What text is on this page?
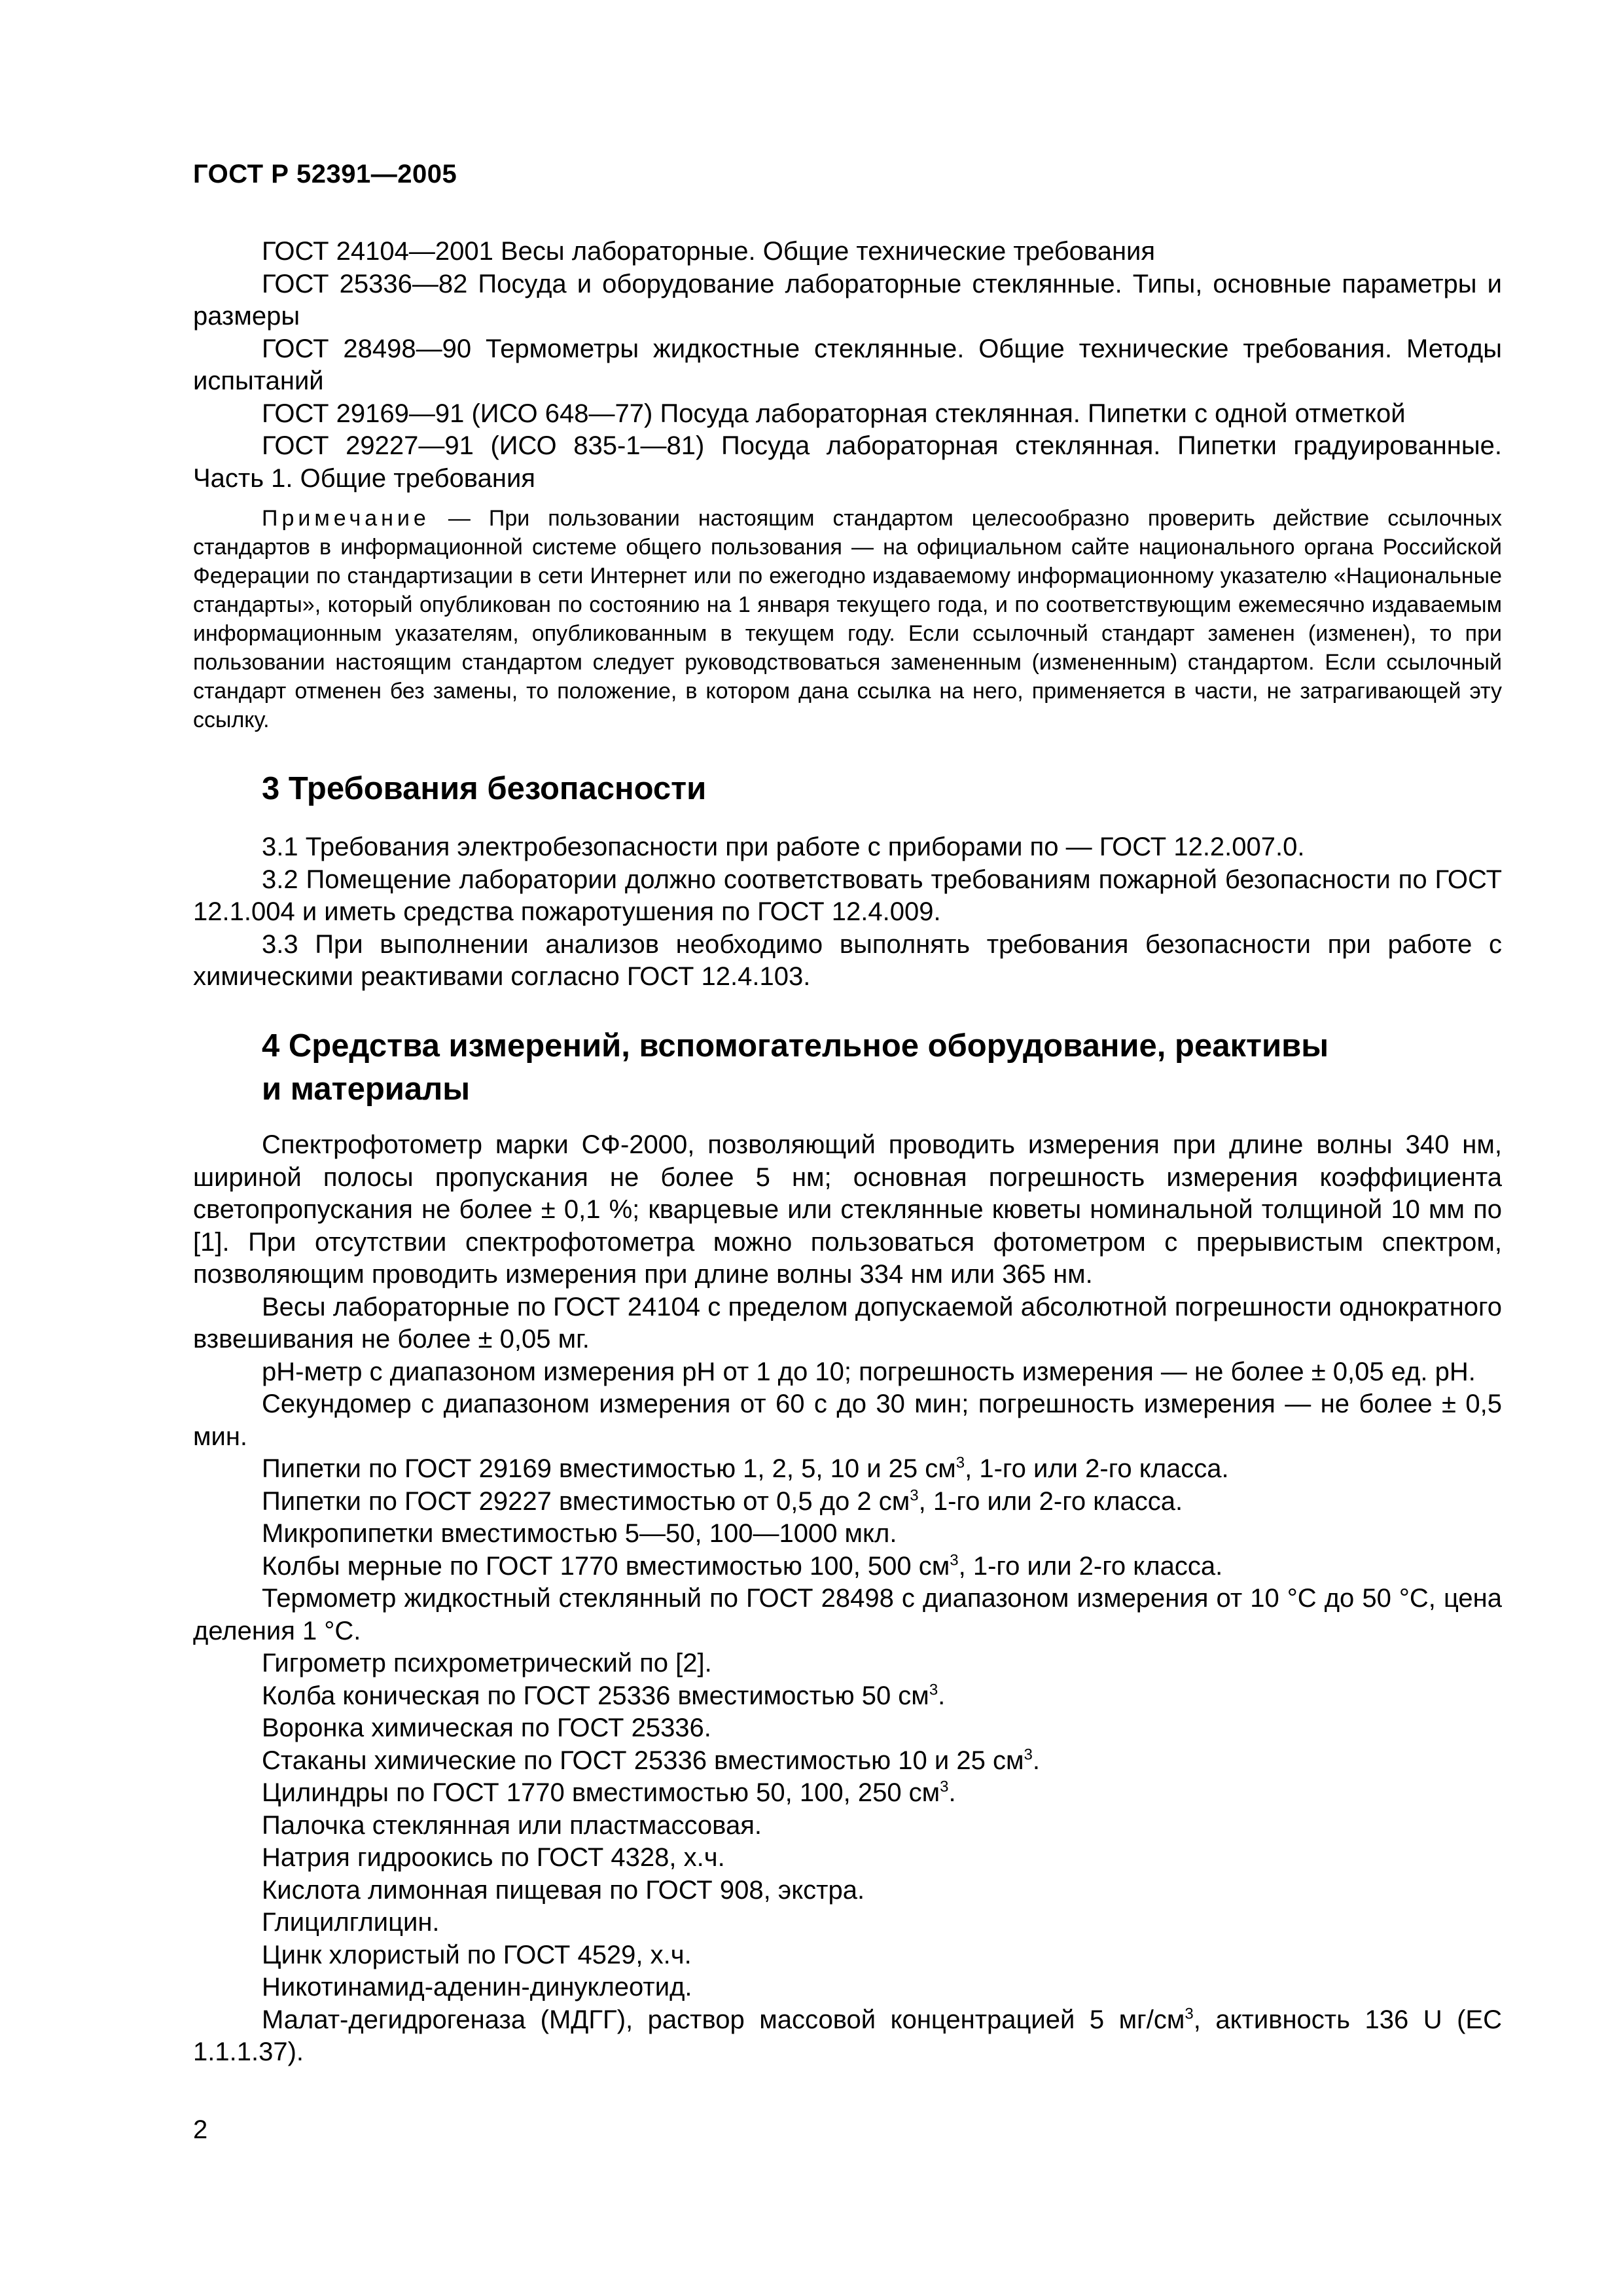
ГОСТ Р 52391—2005

ГОСТ 24104—2001 Весы лабораторные. Общие технические требования

ГОСТ 25336—82 Посуда и оборудование лабораторные стеклянные. Типы, основные параметры и размеры

ГОСТ 28498—90 Термометры жидкостные стеклянные. Общие технические требования. Методы испытаний

ГОСТ 29169—91 (ИСО 648—77) Посуда лабораторная стеклянная. Пипетки с одной отметкой

ГОСТ 29227—91 (ИСО 835-1—81) Посуда лабораторная стеклянная. Пипетки градуированные. Часть 1. Общие требования

Примечание — При пользовании настоящим стандартом целесообразно проверить действие ссылочных стандартов в информационной системе общего пользования — на официальном сайте национального органа Российской Федерации по стандартизации в сети Интернет или по ежегодно издаваемому информационному указателю «Национальные стандарты», который опубликован по состоянию на 1 января текущего года, и по соответствующим ежемесячно издаваемым информационным указателям, опубликованным в текущем году. Если ссылочный стандарт заменен (изменен), то при пользовании настоящим стандартом следует руководствоваться замененным (измененным) стандартом. Если ссылочный стандарт отменен без замены, то положение, в котором дана ссылка на него, применяется в части, не затрагивающей эту ссылку.

3 Требования безопасности

3.1 Требования электробезопасности при работе с приборами по — ГОСТ 12.2.007.0.

3.2 Помещение лаборатории должно соответствовать требованиям пожарной безопасности по ГОСТ 12.1.004 и иметь средства пожаротушения по ГОСТ 12.4.009.

3.3 При выполнении анализов необходимо выполнять требования безопасности при работе с химическими реактивами согласно ГОСТ 12.4.103.

4 Средства измерений, вспомогательное оборудование, реактивы
и материалы

Спектрофотометр марки СФ-2000, позволяющий проводить измерения при длине волны 340 нм, шириной полосы пропускания не более 5 нм; основная погрешность измерения коэффициента светопропускания не более ± 0,1 %; кварцевые или стеклянные кюветы номинальной толщиной 10 мм по [1]. При отсутствии спектрофотометра можно пользоваться фотометром с прерывистым спектром, позволяющим проводить измерения при длине волны 334 нм или 365 нм.

Весы лабораторные по ГОСТ 24104 с пределом допускаемой абсолютной погрешности однократного взвешивания не более ± 0,05 мг.

рН-метр с диапазоном измерения рН от 1 до 10; погрешность измерения — не более ± 0,05 ед. рН.

Секундомер с диапазоном измерения от 60 с до 30 мин; погрешность измерения — не более ± 0,5 мин.

Пипетки по ГОСТ 29169 вместимостью 1, 2, 5, 10 и 25 $см^3$, 1-го или 2-го класса.

Пипетки по ГОСТ 29227 вместимостью от 0,5 до 2 $см^3$, 1-го или 2-го класса.

Микропипетки вместимостью 5—50, 100—1000 мкл.

Колбы мерные по ГОСТ 1770 вместимостью 100, 500 $см^3$, 1-го или 2-го класса.

Термометр жидкостный стеклянный по ГОСТ 28498 с диапазоном измерения от 10 °С до 50 °С, цена деления 1 °С.

Гигрометр психрометрический по [2].

Колба коническая по ГОСТ 25336 вместимостью 50 $см^3$.

Воронка химическая по ГОСТ 25336.

Стаканы химические по ГОСТ 25336 вместимостью 10 и 25 $см^3$.

Цилиндры по ГОСТ 1770 вместимостью 50, 100, 250 $см^3$.

Палочка стеклянная или пластмассовая.

Натрия гидроокись по ГОСТ 4328, х.ч.

Кислота лимонная пищевая по ГОСТ 908, экстра.

Глицилглицин.

Цинк хлористый по ГОСТ 4529, х.ч.

Никотинамид-аденин-динуклеотид.

Малат-дегидрогеназа (МДГГ), раствор массовой концентрацией 5 $мг/см^3$, активность 136 U (ЕС 1.1.1.37).

2
